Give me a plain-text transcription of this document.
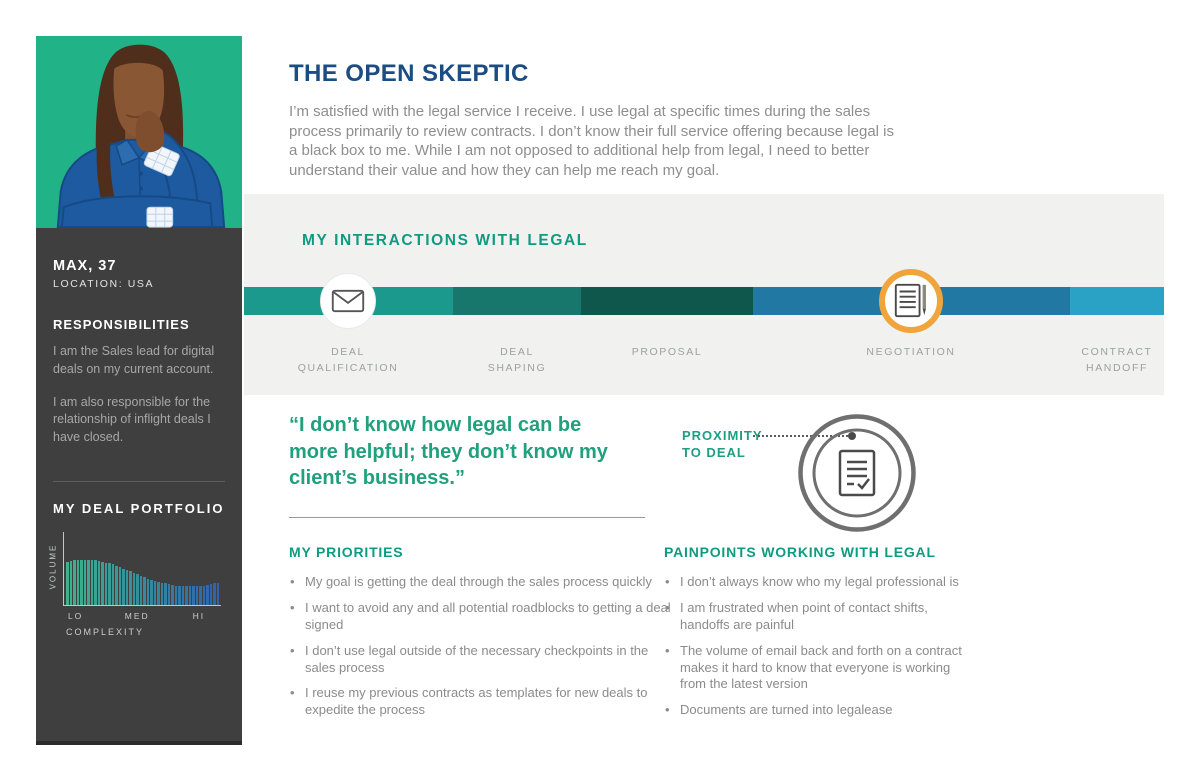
MAX, 37
LOCATION: USA
RESPONSIBILITIES

I am the Sales lead for digital deals on my current account.

I am also responsible for the relationship of inflight deals I have closed.

MY DEAL PORTFOLIO
VOLUME
LO	MED	HI
COMPLEXITY
THE OPEN SKEPTIC

I’m satisfied with the legal service I receive. I use legal at specific times during the sales process primarily to review contracts. I don’t know their full service offering because legal is a black box to me. While I am not opposed to additional help from legal, I need to better understand their value and how they can help me reach my goal.

MY INTERACTIONS WITH LEGAL
DEAL
QUALIFICATION
DEAL
SHAPING
PROPOSAL	NEGOTIATION	CONTRACT
HANDOFF
“I don’t know how legal can be more helpful; they don’t know my client’s business.”
PROXIMITY
TO DEAL
MY PRIORITIES
• My goal is getting the deal through the sales process quickly
• I want to avoid any and all potential roadblocks to getting a deal signed
• I don’t use legal outside of the necessary checkpoints in the sales process
• I reuse my previous contracts as templates for new deals to expedite the process
PAINPOINTS WORKING WITH LEGAL
• I don’t always know who my legal professional is
• I am frustrated when point of contact shifts, handoffs are painful
• The volume of email back and forth on a contract makes it hard to know that everyone is working from the latest version
• Documents are turned into legalease
